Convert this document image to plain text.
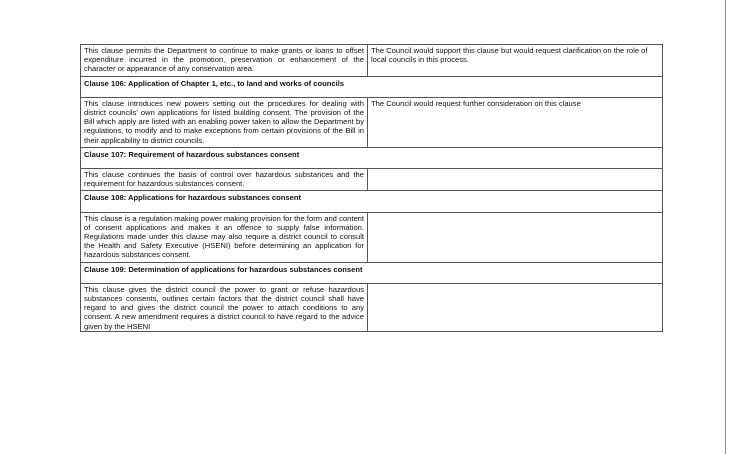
This clause permits the Department to continue to make grants or loans to offset expenditure incurred in the promotion, preservation or enhancement of the character or appearance of any conservation area.	The Council would support this clause but would request clarification on the role of local councils in this process.
Clause 106: Application of Chapter 1, etc., to land and works of councils	
This clause introduces new powers setting out the procedures for dealing with district councils' own applications for listed building consent. The provision of the Bill which apply are listed with an enabling power taken to allow the Department by regulations, to modify and to make exceptions from certain provisions of the Bill in their applicability to district councils.	The Council would request further consideration on this clause
Clause 107: Requirement of hazardous substances consent	
This clause continues the basis of control over hazardous substances and the requirement for hazardous substances consent.	
Clause 108: Applications for hazardous substances consent	
This clause is a regulation making power making provision for the form and content of consent applications and makes it an offence to supply false information. Regulations made under this clause may also require a district council to consult the Health and Safety Executive (HSENI) before determining an application for hazardous substances consent.	
Clause 109: Determination of applications for hazardous substances consent	
This clause gives the district council the power to grant or refuse hazardous substances consents, outlines certain factors that the district council shall have regard to and gives the district council the power to attach conditions to any consent. A new amendment requires a district council to have regard to the advice given by the HSENI	
